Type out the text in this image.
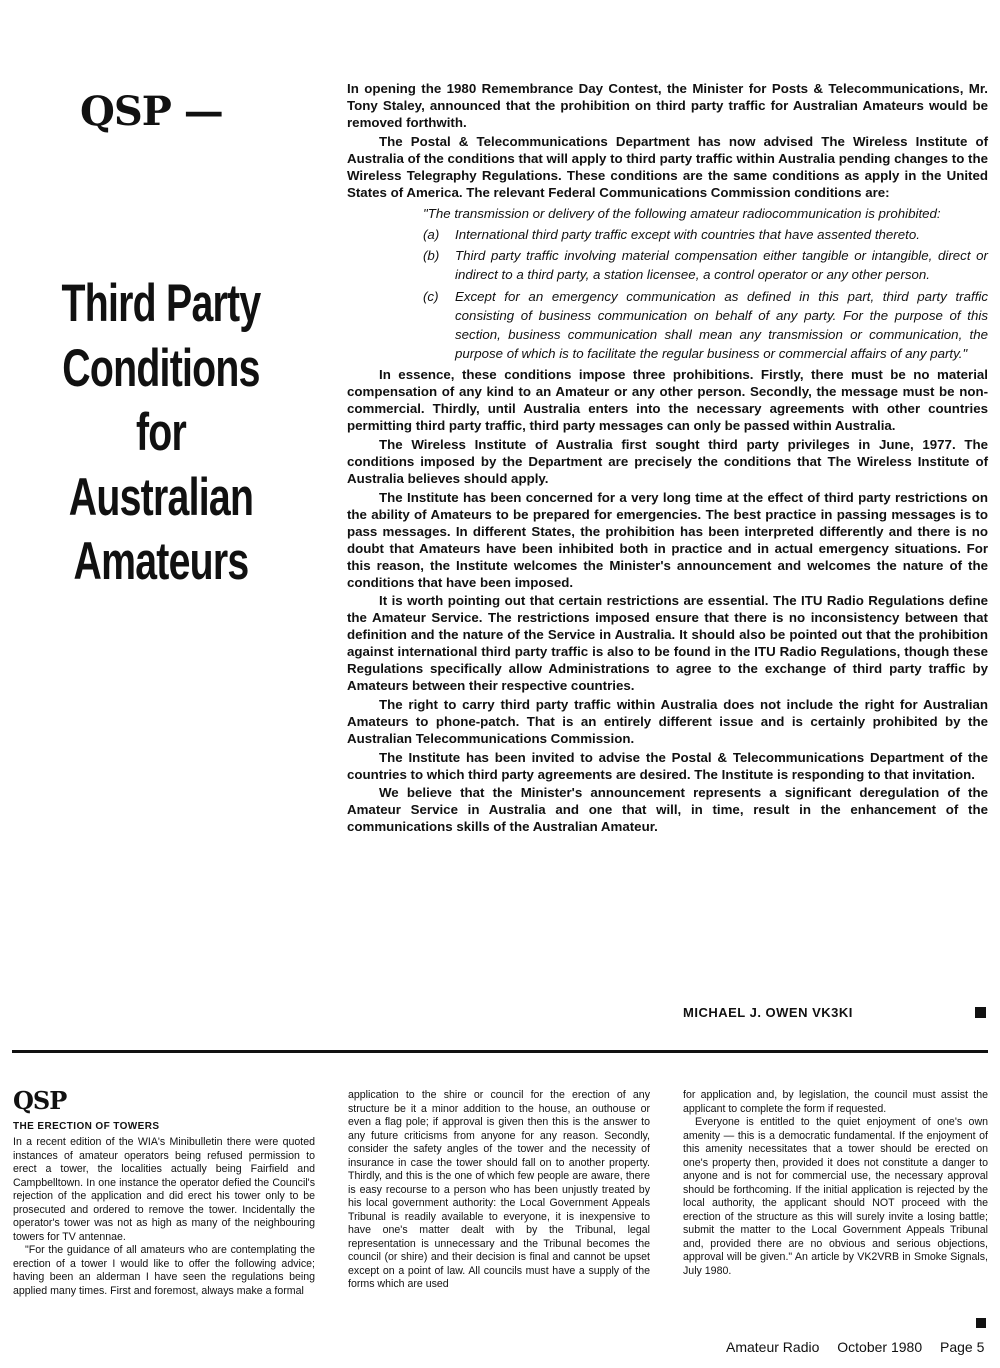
QSP —
Third Party
Conditions
for
Australian
Amateurs

In opening the 1980 Remembrance Day Contest, the Minister for Posts & Telecommunications, Mr. Tony Staley, announced that the prohibition on third party traffic for Australian Amateurs would be removed forthwith.

The Postal & Telecommunications Department has now advised The Wireless Institute of Australia of the conditions that will apply to third party traffic within Australia pending changes to the Wireless Telegraphy Regulations. These conditions are the same conditions as apply in the United States of America. The relevant Federal Communications Commission conditions are:

"The transmission or delivery of the following amateur radiocommunication is prohibited:
(a)	International third party traffic except with countries that have assented thereto.
(b)	Third party traffic involving material compensation either tangible or intangible, direct or indirect to a third party, a station licensee, a control operator or any other person.
(c)	Except for an emergency communication as defined in this part, third party traffic consisting of business communication on behalf of any party. For the purpose of this section, business communication shall mean any transmission or communication, the purpose of which is to facilitate the regular business or commercial affairs of any party."

In essence, these conditions impose three prohibitions. Firstly, there must be no material compensation of any kind to an Amateur or any other person. Secondly, the message must be non-commercial. Thirdly, until Australia enters into the necessary agreements with other countries permitting third party traffic, third party messages can only be passed within Australia.

The Wireless Institute of Australia first sought third party privileges in June, 1977. The conditions imposed by the Department are precisely the conditions that The Wireless Institute of Australia believes should apply.

The Institute has been concerned for a very long time at the effect of third party restrictions on the ability of Amateurs to be prepared for emergencies. The best practice in passing messages is to pass messages. In different States, the prohibition has been interpreted differently and there is no doubt that Amateurs have been inhibited both in practice and in actual emergency situations. For this reason, the Institute welcomes the Minister's announcement and welcomes the nature of the conditions that have been imposed.

It is worth pointing out that certain restrictions are essential. The ITU Radio Regulations define the Amateur Service. The restrictions imposed ensure that there is no inconsistency between that definition and the nature of the Service in Australia. It should also be pointed out that the prohibition against international third party traffic is also to be found in the ITU Radio Regulations, though these Regulations specifically allow Administrations to agree to the exchange of third party traffic by Amateurs between their respective countries.

The right to carry third party traffic within Australia does not include the right for Australian Amateurs to phone-patch. That is an entirely different issue and is certainly prohibited by the Australian Telecommunications Commission.

The Institute has been invited to advise the Postal & Telecommunications Department of the countries to which third party agreements are desired. The Institute is responding to that invitation.

We believe that the Minister's announcement represents a significant deregulation of the Amateur Service in Australia and one that will, in time, result in the enhancement of the communications skills of the Australian Amateur.

MICHAEL J. OWEN VK3KI
QSP
THE ERECTION OF TOWERS

In a recent edition of the WIA's Minibulletin there were quoted instances of amateur operators being refused permission to erect a tower, the localities actually being Fairfield and Campbelltown. In one instance the operator defied the Council's rejection of the application and did erect his tower only to be prosecuted and ordered to remove the tower. Incidentally the operator's tower was not as high as many of the neighbouring towers for TV antennae.

"For the guidance of all amateurs who are contemplating the erection of a tower I would like to offer the following advice; having been an alderman I have seen the regulations being applied many times. First and foremost, always make a formal

application to the shire or council for the erection of any structure be it a minor addition to the house, an outhouse or even a flag pole; if approval is given then this is the answer to any future criticisms from anyone for any reason. Secondly, consider the safety angles of the tower and the necessity of insurance in case the tower should fall on to another property. Thirdly, and this is the one of which few people are aware, there is easy recourse to a person who has been unjustly treated by his local government authority: the Local Government Appeals Tribunal is readily available to everyone, it is inexpensive to have one's matter dealt with by the Tribunal, legal representation is unnecessary and the Tribunal becomes the council (or shire) and their decision is final and cannot be upset except on a point of law. All councils must have a supply of the forms which are used

for application and, by legislation, the council must assist the applicant to complete the form if requested.

Everyone is entitled to the quiet enjoyment of one's own amenity — this is a democratic fundamental. If the enjoyment of this amenity necessitates that a tower should be erected on one's property then, provided it does not constitute a danger to anyone and is not for commercial use, the necessary approval should be forthcoming. If the initial application is rejected by the local authority, the applicant should NOT proceed with the erection of the structure as this will surely invite a losing battle; submit the matter to the Local Government Appeals Tribunal and, provided there are no obvious and serious objections, approval will be given." An article by VK2VRB in Smoke Signals, July 1980.

Amateur Radio October 1980 Page 5
